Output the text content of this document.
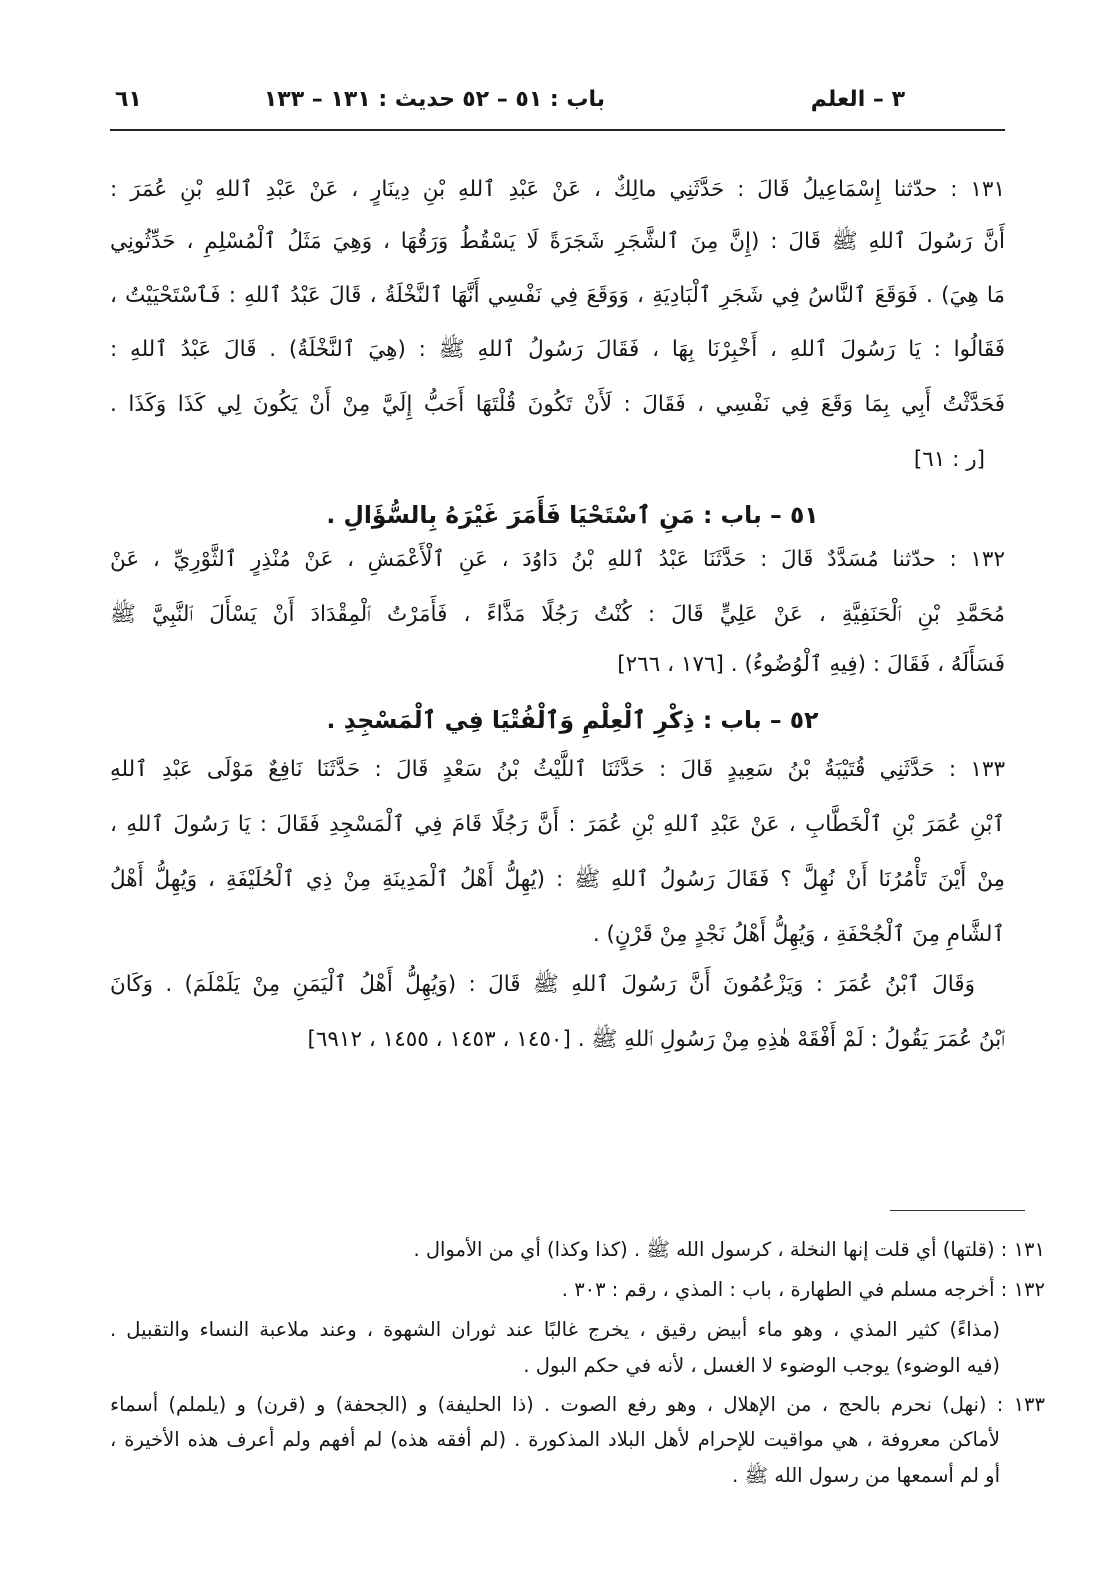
٣ – العلم
باب : ٥١ – ٥٢
حديث : ١٣١ – ١٣٣
٦١
١٣١ : حدّثنا إِسْمَاعِيلُ قَالَ : حَدَّثَنِي مالِكٌ ، عَنْ عَبْدِ ٱللهِ بْنِ دِينَارٍ ، عَنْ عَبْدِ ٱللهِ بْنِ عُمَرَ :
أَنَّ رَسُولَ ٱللهِ ﷺ قَالَ : (إِنَّ مِنَ ٱلشَّجَرِ شَجَرَةً لَا يَسْقُطُ وَرَقُهَا ، وَهِيَ مَثَلُ ٱلْمُسْلِمِ ، حَدِّثُونِي
مَا هِيَ) . فَوَقَعَ ٱلنَّاسُ فِي شَجَرِ ٱلْبَادِيَةِ ، وَوَقَعَ فِي نَفْسِي أَنَّهَا ٱلنَّخْلَةُ ، قَالَ عَبْدُ ٱللهِ : فَٱسْتَحْيَيْتُ ،
فَقَالُوا : يَا رَسُولَ ٱللهِ ، أَخْبِرْنَا بِهَا ، فَقَالَ رَسُولُ ٱللهِ ﷺ : (هِيَ ٱلنَّخْلَةُ) . قَالَ عَبْدُ ٱللهِ :
فَحَدَّثْتُ أَبِي بِمَا وَقَعَ فِي نَفْسِي ، فَقَالَ : لَأَنْ تَكُونَ قُلْتَهَا أَحَبُّ إِلَيَّ مِنْ أَنْ يَكُونَ لِي كَذَا وَكَذَا .
[ر : ٦١]
٥١ – باب : مَنِ ٱسْتَحْيَا فَأَمَرَ غَيْرَهُ بِالسُّؤَالِ .
١٣٢ : حدّثنا مُسَدَّدٌ قَالَ : حَدَّثَنَا عَبْدُ ٱللهِ بْنُ دَاوُدَ ، عَنِ ٱلْأَعْمَشِ ، عَنْ مُنْذِرٍ ٱلثَّوْرِيِّ ، عَنْ
مُحَمَّدِ بْنِ ٱلْحَنَفِيَّةِ ، عَنْ عَلِيٍّ قَالَ : كُنْتُ رَجُلًا مَذَّاءً ، فَأَمَرْتُ ٱلْمِقْدَادَ أَنْ يَسْأَلَ ٱلنَّبِيَّ ﷺ
فَسَأَلَهُ ، فَقَالَ : (فِيهِ ٱلْوُضُوءُ) . [١٧٦ ، ٢٦٦]
٥٢ – باب : ذِكْرِ ٱلْعِلْمِ وَٱلْفُتْيَا فِي ٱلْمَسْجِدِ .
١٣٣ : حَدَّثَنِي قُتَيْبَةُ بْنُ سَعِيدٍ قَالَ : حَدَّثَنَا ٱللَّيْثُ بْنُ سَعْدٍ قَالَ : حَدَّثَنَا نَافِعٌ مَوْلَى عَبْدِ ٱللهِ
ٱبْنِ عُمَرَ بْنِ ٱلْخَطَّابِ ، عَنْ عَبْدِ ٱللهِ بْنِ عُمَرَ : أَنَّ رَجُلًا قَامَ فِي ٱلْمَسْجِدِ فَقَالَ : يَا رَسُولَ ٱللهِ ،
مِنْ أَيْنَ تَأْمُرُنَا أَنْ نُهِلَّ ؟ فَقَالَ رَسُولُ ٱللهِ ﷺ : (يُهِلُّ أَهْلُ ٱلْمَدِينَةِ مِنْ ذِي ٱلْحُلَيْفَةِ ، وَيُهِلُّ أَهْلُ
ٱلشَّامِ مِنَ ٱلْجُحْفَةِ ، وَيُهِلُّ أَهْلُ نَجْدٍ مِنْ قَرْنٍ) .
وَقَالَ ٱبْنُ عُمَرَ : وَيَزْعُمُونَ أَنَّ رَسُولَ ٱللهِ ﷺ قَالَ : (وَيُهِلُّ أَهْلُ ٱلْيَمَنِ مِنْ يَلَمْلَمَ) . وَكَانَ
ٱبْنُ عُمَرَ يَقُولُ : لَمْ أَفْقَهْ هٰذِهِ مِنْ رَسُولِ ٱللهِ ﷺ . [١٤٥٠ ، ١٤٥٣ ، ١٤٥٥ ، ٦٩١٢]
١٣١ : (قلتها) أي قلت إنها النخلة ، كرسول الله ﷺ . (كذا وكذا) أي من الأموال .
١٣٢ : أخرجه مسلم في الطهارة ، باب : المذي ، رقم : ٣٠٣ .
(مذاءً) كثير المذي ، وهو ماء أبيض رقيق ، يخرج غالبًا عند ثوران الشهوة ، وعند ملاعبة النساء والتقبيل .
(فيه الوضوء) يوجب الوضوء لا الغسل ، لأنه في حكم البول .
١٣٣ : (نهل) نحرم بالحج ، من الإهلال ، وهو رفع الصوت . (ذا الحليفة) و (الجحفة) و (قرن) و (يلملم) أسماء
لأماكن معروفة ، هي مواقيت للإحرام لأهل البلاد المذكورة . (لم أفقه هذه) لم أفهم ولم أعرف هذه الأخيرة ،
أو لم أسمعها من رسول الله ﷺ .
